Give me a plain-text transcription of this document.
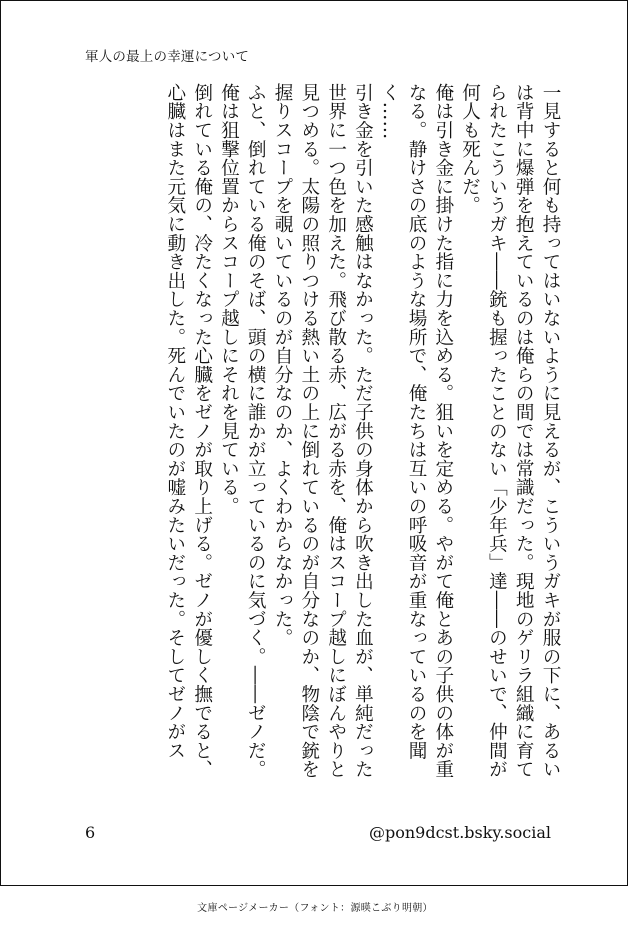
軍人の最上の幸運について

一見すると何も持ってはいないように見えるが、こういうガキが服の下に、あるいは背中に爆弾を抱えているのは俺らの間では常識だった。現地のゲリラ組織に育てられたこういうガキ――銃も握ったことのない「少年兵」達――のせいで、仲間が何人も死んだ。

俺は引き金に掛けた指に力を込める。狙いを定める。やがて俺とあの子供の体が重なる。静けさの底のような場所で、俺たちは互いの呼吸音が重なっているのを聞く……

引き金を引いた感触はなかった。ただ子供の身体から吹き出した血が、単純だった世界に一つ色を加えた。飛び散る赤、広がる赤を、俺はスコープ越しにぼんやりと見つめる。太陽の照りつける熱い土の上に倒れているのが自分なのか、物陰で銃を握りスコープを覗いているのが自分なのか、よくわからなかった。

ふと、倒れている俺のそば、頭の横に誰かが立っているのに気づく。――ゼノだ。俺は狙撃位置からスコープ越しにそれを見ている。

倒れている俺の、冷たくなった心臓をゼノが取り上げる。ゼノが優しく撫でると、心臓はまた元気に動き出した。死んでいたのが嘘みたいだった。そしてゼノがス

6	@pon9dcst.bsky.social
文庫ページメーカー（フォント：源暎こぶり明朝）
